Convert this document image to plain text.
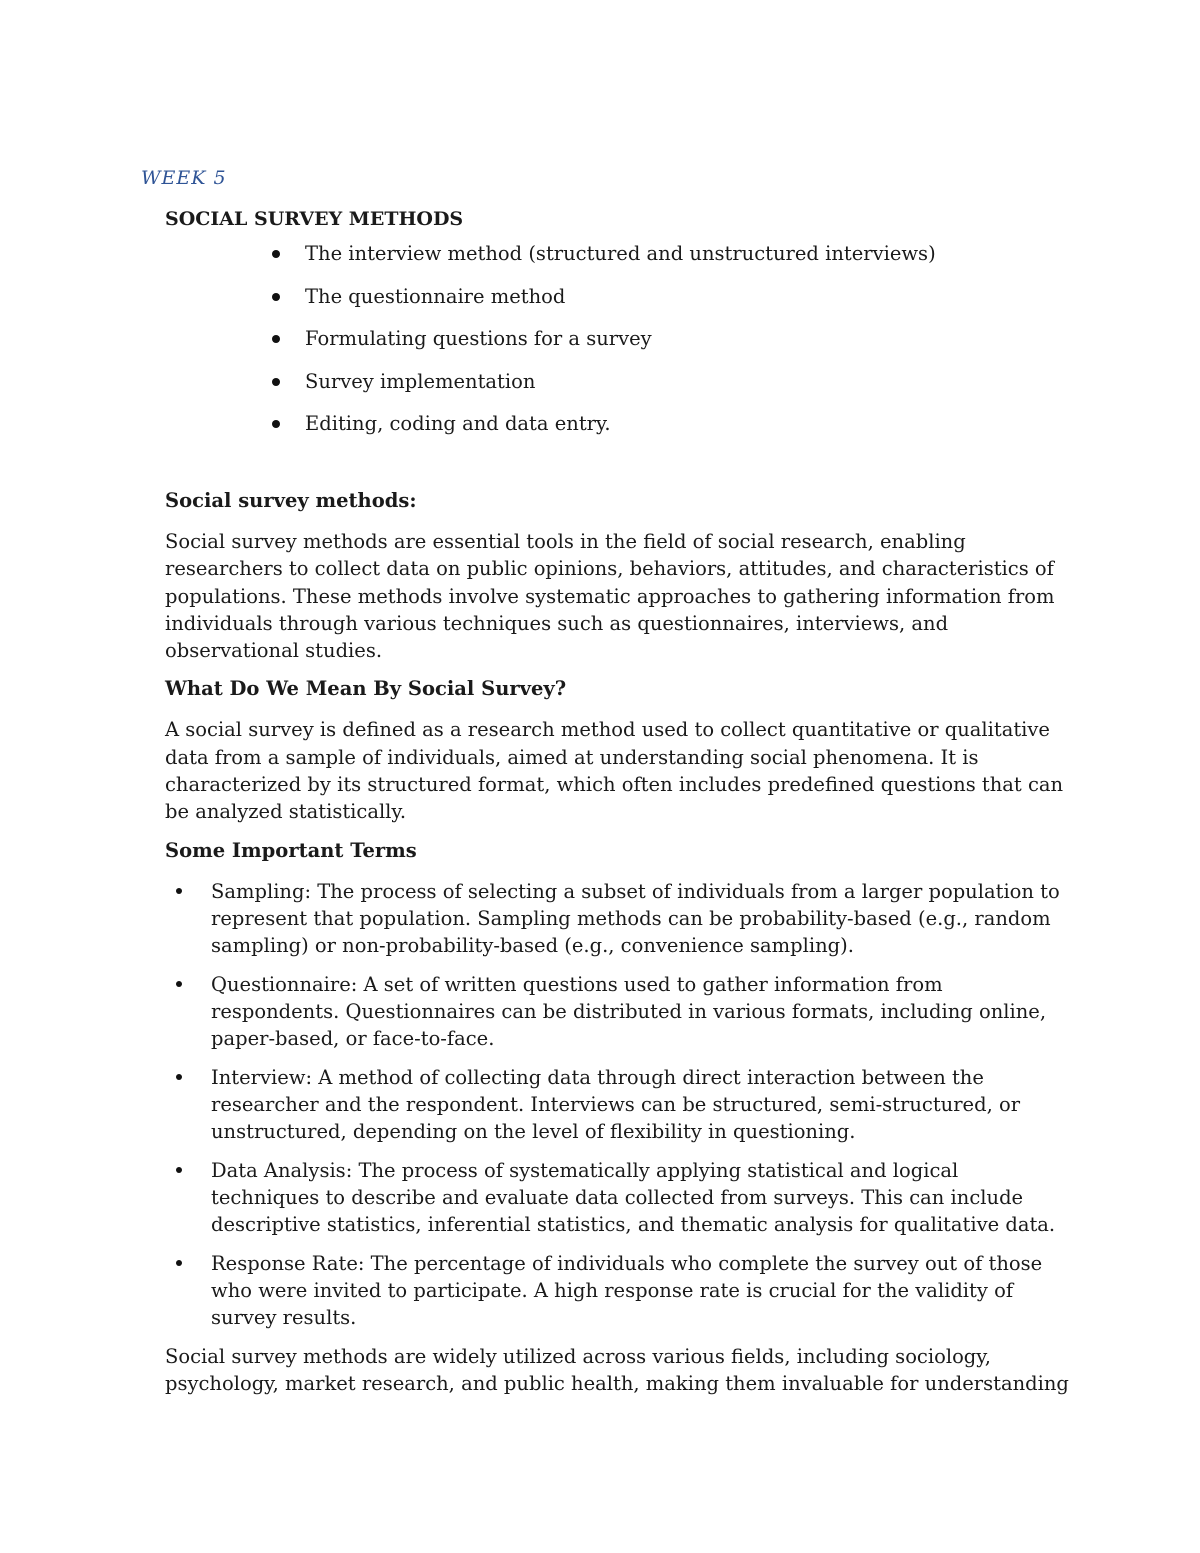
WEEK 5
SOCIAL SURVEY METHODS
The interview method (structured and unstructured interviews)
The questionnaire method
Formulating questions for a survey
Survey implementation
Editing, coding and data entry.
Social survey methods:
Social survey methods are essential tools in the field of social research, enabling researchers to collect data on public opinions, behaviors, attitudes, and characteristics of populations. These methods involve systematic approaches to gathering information from individuals through various techniques such as questionnaires, interviews, and observational studies.
What Do We Mean By Social Survey?
A social survey is defined as a research method used to collect quantitative or qualitative data from a sample of individuals, aimed at understanding social phenomena. It is characterized by its structured format, which often includes predefined questions that can be analyzed statistically.
Some Important Terms
Sampling: The process of selecting a subset of individuals from a larger population to represent that population. Sampling methods can be probability-based (e.g., random sampling) or non-probability-based (e.g., convenience sampling).
Questionnaire: A set of written questions used to gather information from respondents. Questionnaires can be distributed in various formats, including online, paper-based, or face-to-face.
Interview: A method of collecting data through direct interaction between the researcher and the respondent. Interviews can be structured, semi-structured, or unstructured, depending on the level of flexibility in questioning.
Data Analysis: The process of systematically applying statistical and logical techniques to describe and evaluate data collected from surveys. This can include descriptive statistics, inferential statistics, and thematic analysis for qualitative data.
Response Rate: The percentage of individuals who complete the survey out of those who were invited to participate. A high response rate is crucial for the validity of survey results.
Social survey methods are widely utilized across various fields, including sociology, psychology, market research, and public health, making them invaluable for understanding
